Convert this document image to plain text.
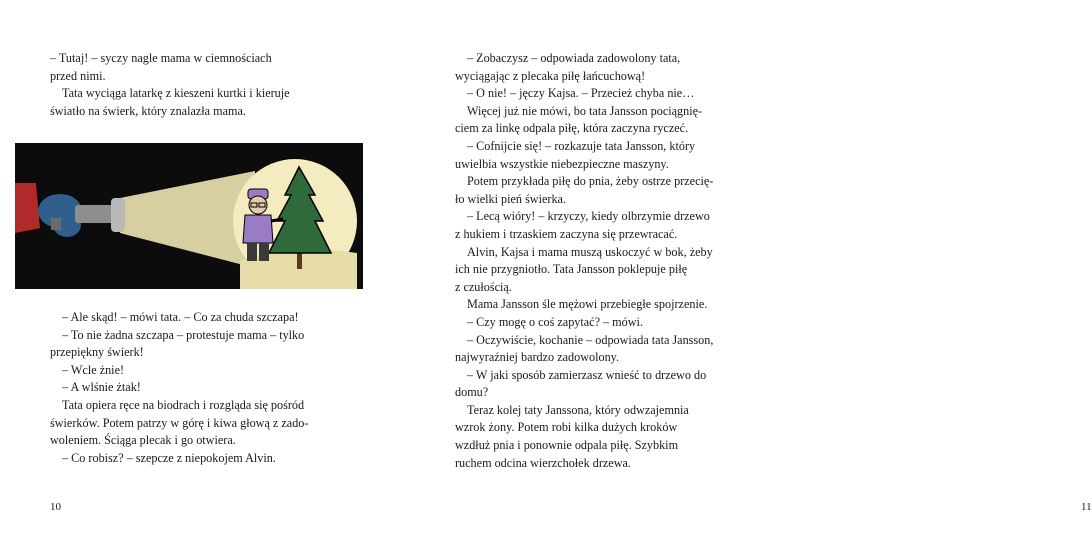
– Tutaj! – syczy nagle mama w ciemnościach

przed nimi.

Tata wyciąga latarkę z kieszeni kurtki i kieruje

światło na świerk, który znalazła mama.

– Ale skąd! – mówi tata. – Co za chuda szczapa!

– To nie żadna szczapa – protestuje mama – tylko

przepiękny świerk!

– Wcle żnie!

– A wlśnie żtak!

Tata opiera ręce na biodrach i rozgląda się pośród

świerków. Potem patrzy w górę i kiwa głową z zado-

woleniem. Ściąga plecak i go otwiera.

– Co robisz? – szepcze z niepokojem Alvin.

10

– Zobaczysz – odpowiada zadowolony tata,

wyciągając z plecaka piłę łańcuchową!

– O nie! – jęczy Kajsa. – Przecież chyba nie…

Więcej już nie mówi, bo tata Jansson pociągnię-

ciem za linkę odpala piłę, która zaczyna ryczeć.

– Cofnijcie się! – rozkazuje tata Jansson, który

uwielbia wszystkie niebezpieczne maszyny.

Potem przykłada piłę do pnia, żeby ostrze przecię-

ło wielki pień świerka.

– Lecą wióry! – krzyczy, kiedy olbrzymie drzewo

z hukiem i trzaskiem zaczyna się przewracać.

Alvin, Kajsa i mama muszą uskoczyć w bok, żeby

ich nie przygniotło. Tata Jansson poklepuje piłę

z czułością.

Mama Jansson śle mężowi przebiegłe spojrzenie.

– Czy mogę o coś zapytać? – mówi.

– Oczywiście, kochanie – odpowiada tata Jansson,

najwyraźniej bardzo zadowolony.

– W jaki sposób zamierzasz wnieść to drzewo do

domu?

Teraz kolej taty Janssona, który odwzajemnia

wzrok żony. Potem robi kilka dużych kroków

wzdłuż pnia i ponownie odpala piłę. Szybkim

ruchem odcina wierzchołek drzewa.

11
